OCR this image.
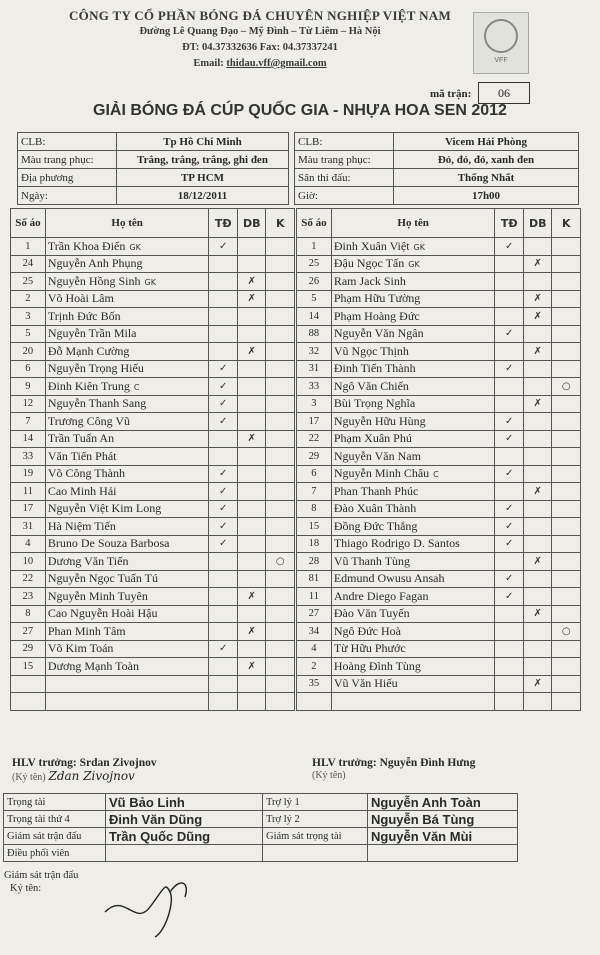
CÔNG TY CỔ PHẦN BÓNG ĐÁ CHUYÊN NGHIỆP VIỆT NAM
Đường Lê Quang Đạo – Mỹ Đình – Từ Liêm – Hà Nội
ĐT: 04.37332636 Fax: 04.37337241
Email: thidau.vff@gmail.com	VFF
mã trận:	06
GIẢI BÓNG ĐÁ CÚP QUỐC GIA - NHỰA HOA SEN 2012
CLB:	Tp Hồ Chí Minh
Màu trang phục:	Trắng, trắng, trắng, ghi đen
Địa phương	TP HCM
Ngày:	18/12/2011
CLB:	Vicem Hải Phòng
Màu trang phục:	Đỏ, đỏ, đỏ, xanh đen
Sân thi đấu:	Thống Nhất
Giờ:	17h00
Số áo	Họ tên	TĐ	DB	K
1	Trần Khoa Điển GK	✓		
24	Nguyễn Anh Phụng			
25	Nguyễn Hồng Sinh GK		✗	
2	Võ Hoài Lâm		✗	
3	Trịnh Đức Bốn			
5	Nguyễn Trần Mila			
20	Đỗ Mạnh Cường		✗	
6	Nguyễn Trọng Hiếu	✓		
9	Đinh Kiên Trung C	✓		
12	Nguyễn Thanh Sang	✓		
7	Trương Công Vũ	✓		
14	Trần Tuấn An		✗	
33	Văn Tiến Phát			
19	Võ Công Thành	✓		
11	Cao Minh Hải	✓		
17	Nguyễn Việt Kim Long	✓		
31	Hà Niệm Tiến	✓		
4	Bruno De Souza Barbosa	✓		
10	Dương Văn Tiến			○
22	Nguyễn Ngọc Tuấn Tú			
23	Nguyễn Minh Tuyên		✗	
8	Cao Nguyễn Hoài Hậu			
27	Phan Minh Tâm		✗	
29	Võ Kim Toán	✓		
15	Dương Mạnh Toàn		✗	

Số áo	Họ tên	TĐ	DB	K
1	Đinh Xuân Việt GK	✓		
25	Đậu Ngọc Tấn GK		✗	
26	Ram Jack Sinh			
5	Phạm Hữu Tường		✗	
14	Phạm Hoàng Đức		✗	
88	Nguyễn Văn Ngân	✓		
32	Vũ Ngọc Thịnh		✗	
31	Đinh Tiến Thành	✓		
33	Ngô Văn Chiến			○
3	Bùi Trọng Nghĩa		✗	
17	Nguyễn Hữu Hùng	✓		
22	Phạm Xuân Phú	✓		
29	Nguyễn Văn Nam			
6	Nguyễn Minh Châu C	✓		
7	Phan Thanh Phúc		✗	
8	Đào Xuân Thành	✓		
15	Đồng Đức Thắng	✓		
18	Thiago Rodrigo D. Santos	✓		
28	Vũ Thanh Tùng		✗	
81	Edmund Owusu Ansah	✓		
11	Andre Diego Fagan	✓		
27	Đào Văn Tuyến		✗	
34	Ngô Đức Hoà			○
4	Từ Hữu Phước			
2	Hoàng Đình Tùng			
35	Vũ Văn Hiếu		✗	

HLV trưởng: Srdan Zivojnov
(Ký tên) Zdan Zivojnov
HLV trưởng: Nguyễn Đình Hưng
(Ký tên)
Trọng tài	Vũ Bảo Linh	Trợ lý 1	Nguyễn Anh Toàn
Trọng tài thứ 4	Đinh Văn Dũng	Trợ lý 2	Nguyễn Bá Tùng
Giám sát trận đấu	Trần Quốc Dũng	Giám sát trọng tài	Nguyễn Văn Mùi
Điều phối viên			
Giám sát trận đấu
Ký tên:
